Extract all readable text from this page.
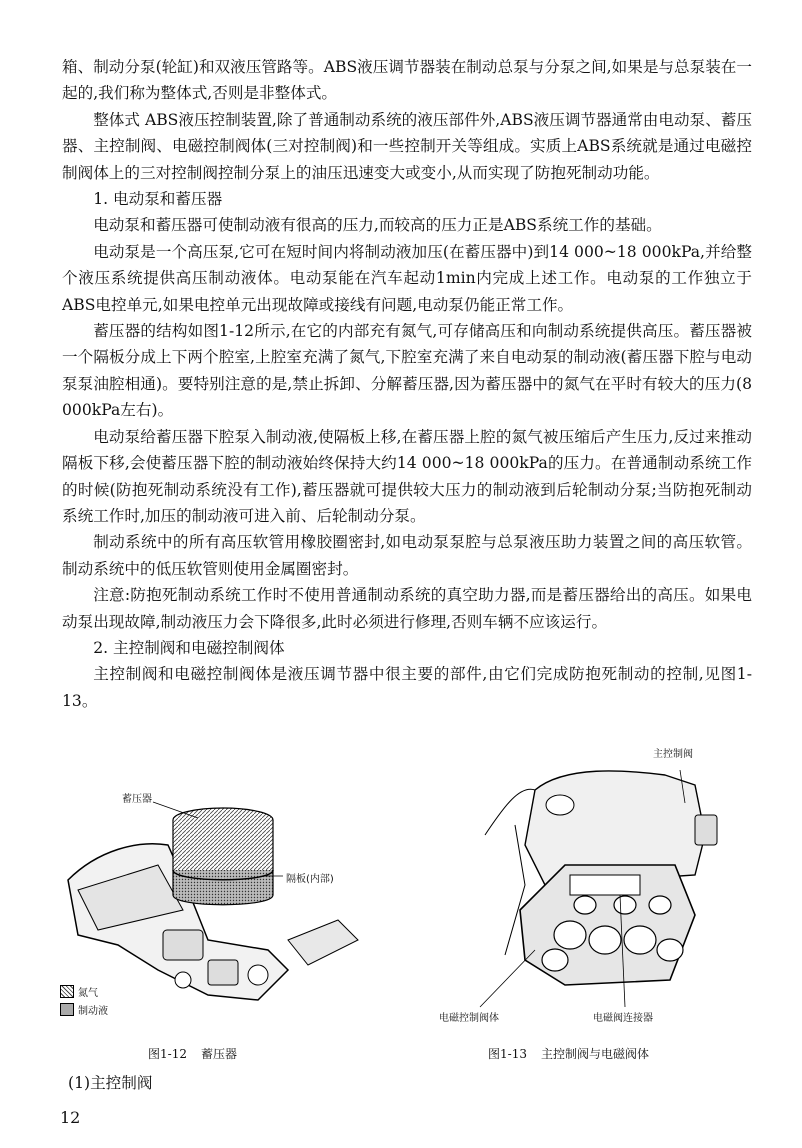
箱、制动分泵(轮缸)和双液压管路等。ABS液压调节器装在制动总泵与分泵之间,如果是与总泵装在一起的,我们称为整体式,否则是非整体式。

整体式 ABS液压控制装置,除了普通制动系统的液压部件外,ABS液压调节器通常由电动泵、蓄压器、主控制阀、电磁控制阀体(三对控制阀)和一些控制开关等组成。实质上ABS系统就是通过电磁控制阀体上的三对控制阀控制分泵上的油压迅速变大或变小,从而实现了防抱死制动功能。

1. 电动泵和蓄压器

电动泵和蓄压器可使制动液有很高的压力,而较高的压力正是ABS系统工作的基础。

电动泵是一个高压泵,它可在短时间内将制动液加压(在蓄压器中)到14 000~18 000kPa,并给整个液压系统提供高压制动液体。电动泵能在汽车起动1min内完成上述工作。电动泵的工作独立于ABS电控单元,如果电控单元出现故障或接线有问题,电动泵仍能正常工作。

蓄压器的结构如图1-12所示,在它的内部充有氮气,可存储高压和向制动系统提供高压。蓄压器被一个隔板分成上下两个腔室,上腔室充满了氮气,下腔室充满了来自电动泵的制动液(蓄压器下腔与电动泵泵油腔相通)。要特别注意的是,禁止拆卸、分解蓄压器,因为蓄压器中的氮气在平时有较大的压力(8 000kPa左右)。

电动泵给蓄压器下腔泵入制动液,使隔板上移,在蓄压器上腔的氮气被压缩后产生压力,反过来推动隔板下移,会使蓄压器下腔的制动液始终保持大约14 000~18 000kPa的压力。在普通制动系统工作的时候(防抱死制动系统没有工作),蓄压器就可提供较大压力的制动液到后轮制动分泵;当防抱死制动系统工作时,加压的制动液可进入前、后轮制动分泵。

制动系统中的所有高压软管用橡胶圈密封,如电动泵泵腔与总泵液压助力装置之间的高压软管。制动系统中的低压软管则使用金属圈密封。

注意:防抱死制动系统工作时不使用普通制动系统的真空助力器,而是蓄压器给出的高压。如果电动泵出现故障,制动液压力会下降很多,此时必须进行修理,否则车辆不应该运行。

2. 主控制阀和电磁控制阀体

主控制阀和电磁控制阀体是液压调节器中很主要的部件,由它们完成防抱死制动的控制,见图1-13。

蓄压器
隔板(内部)
氮气
制动液
图1-12 蓄压器
主控制阀
电磁控制阀体	电磁阀连接器
图1-13 主控制阀与电磁阀体
(1)主控制阀
12
